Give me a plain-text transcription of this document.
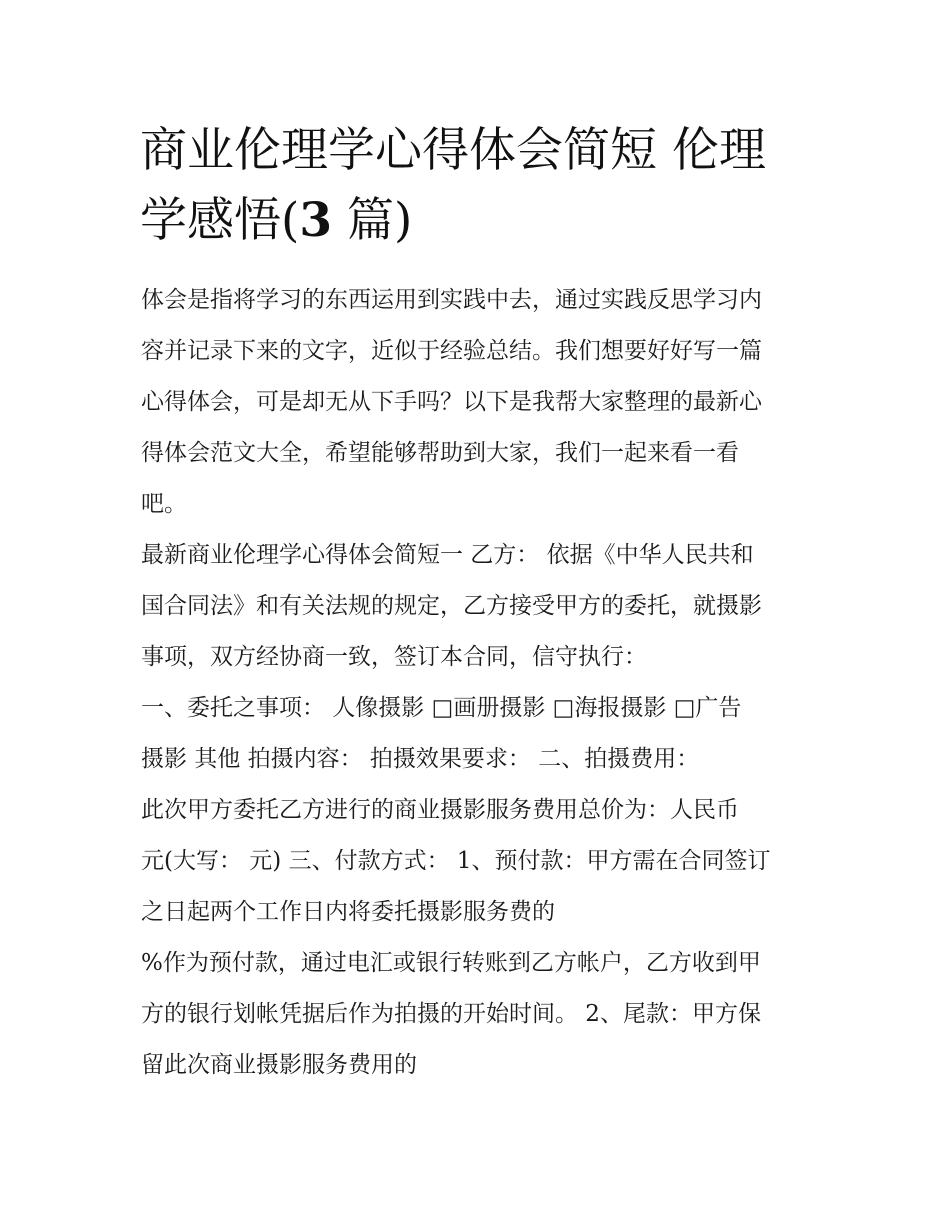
商业伦理学心得体会简短 伦理
学感悟(3 篇)
体会是指将学习的东西运用到实践中去，通过实践反思学习内
容并记录下来的文字，近似于经验总结。我们想要好好写一篇
心得体会，可是却无从下手吗？以下是我帮大家整理的最新心
得体会范文大全，希望能够帮助到大家，我们一起来看一看
吧。
最新商业伦理学心得体会简短一 乙方： 依据《中华人民共和
国合同法》和有关法规的规定，乙方接受甲方的委托，就摄影
事项，双方经协商一致，签订本合同，信守执行：
一、委托之事项： 人像摄影 □画册摄影 □海报摄影 □广告
摄影 其他 拍摄内容： 拍摄效果要求： 二、拍摄费用：
此次甲方委托乙方进行的商业摄影服务费用总价为：人民币
元(大写： 元) 三、付款方式： 1、预付款：甲方需在合同签订
之日起两个工作日内将委托摄影服务费的
%作为预付款，通过电汇或银行转账到乙方帐户，乙方收到甲
方的银行划帐凭据后作为拍摄的开始时间。 2、尾款：甲方保
留此次商业摄影服务费用的
